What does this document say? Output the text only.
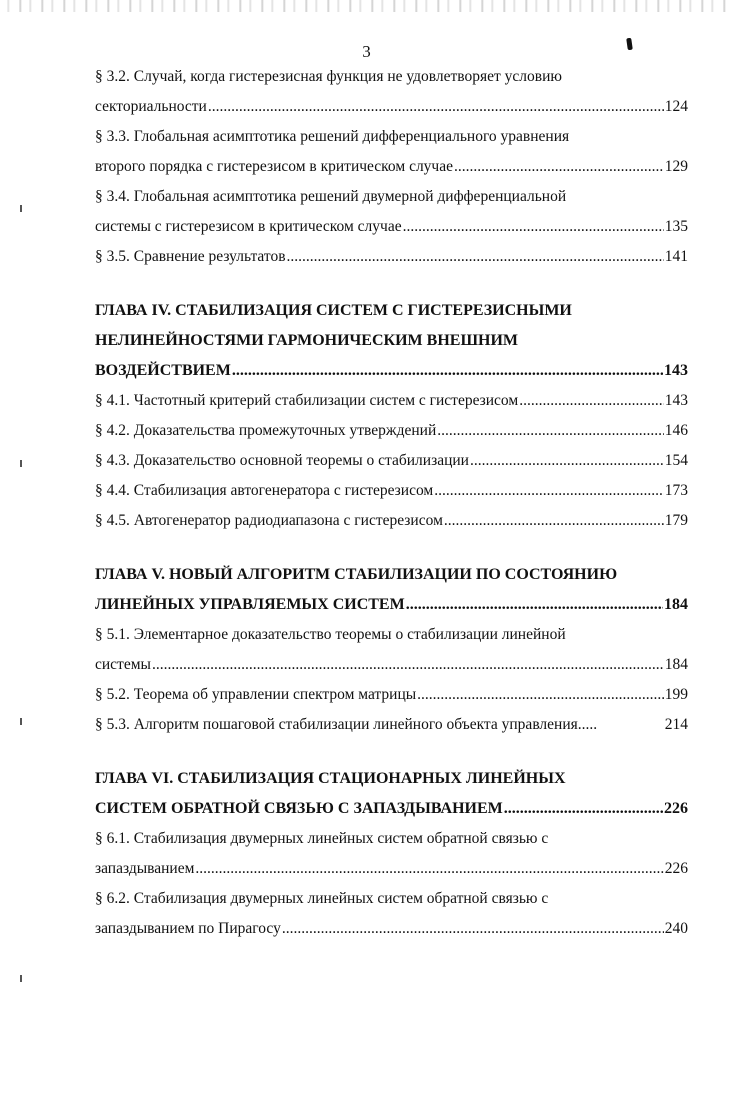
3
§ 3.2. Случай, когда гистерезисная функция не удовлетворяет условию
секториальности .....	124
§ 3.3. Глобальная асимптотика решений дифференциального уравнения
второго порядка с гистерезисом в критическом случае .....	129
§ 3.4. Глобальная асимптотика решений двумерной дифференциальной
системы с гистерезисом в критическом случае .....	135
§ 3.5. Сравнение результатов .....	141
ГЛАВА IV. СТАБИЛИЗАЦИЯ СИСТЕМ С ГИСТЕРЕЗИСНЫМИ
НЕЛИНЕЙНОСТЯМИ ГАРМОНИЧЕСКИМ ВНЕШНИМ
ВОЗДЕЙСТВИЕМ .....	143
§ 4.1. Частотный критерий стабилизации систем с гистерезисом .....	143
§ 4.2. Доказательства промежуточных утверждений .....	146
§ 4.3. Доказательство основной теоремы о стабилизации .....	154
§ 4.4. Стабилизация автогенератора с гистерезисом .....	173
§ 4.5. Автогенератор радиодиапазона с гистерезисом .....	179
ГЛАВА V. НОВЫЙ АЛГОРИТМ СТАБИЛИЗАЦИИ ПО СОСТОЯНИЮ
ЛИНЕЙНЫХ УПРАВЛЯЕМЫХ СИСТЕМ .....	184
§ 5.1. Элементарное доказательство теоремы о стабилизации линейной
системы .....	184
§ 5.2. Теорема об управлении спектром матрицы .....	199
§ 5.3. Алгоритм пошаговой стабилизации линейного объекта управления.....	214
ГЛАВА VI. СТАБИЛИЗАЦИЯ СТАЦИОНАРНЫХ ЛИНЕЙНЫХ
СИСТЕМ ОБРАТНОЙ СВЯЗЬЮ С ЗАПАЗДЫВАНИЕМ .....	226
§ 6.1. Стабилизация двумерных линейных систем обратной связью с
запаздыванием .....	226
§ 6.2. Стабилизация двумерных линейных систем обратной связью с
запаздыванием по Пирагосу .....	240
